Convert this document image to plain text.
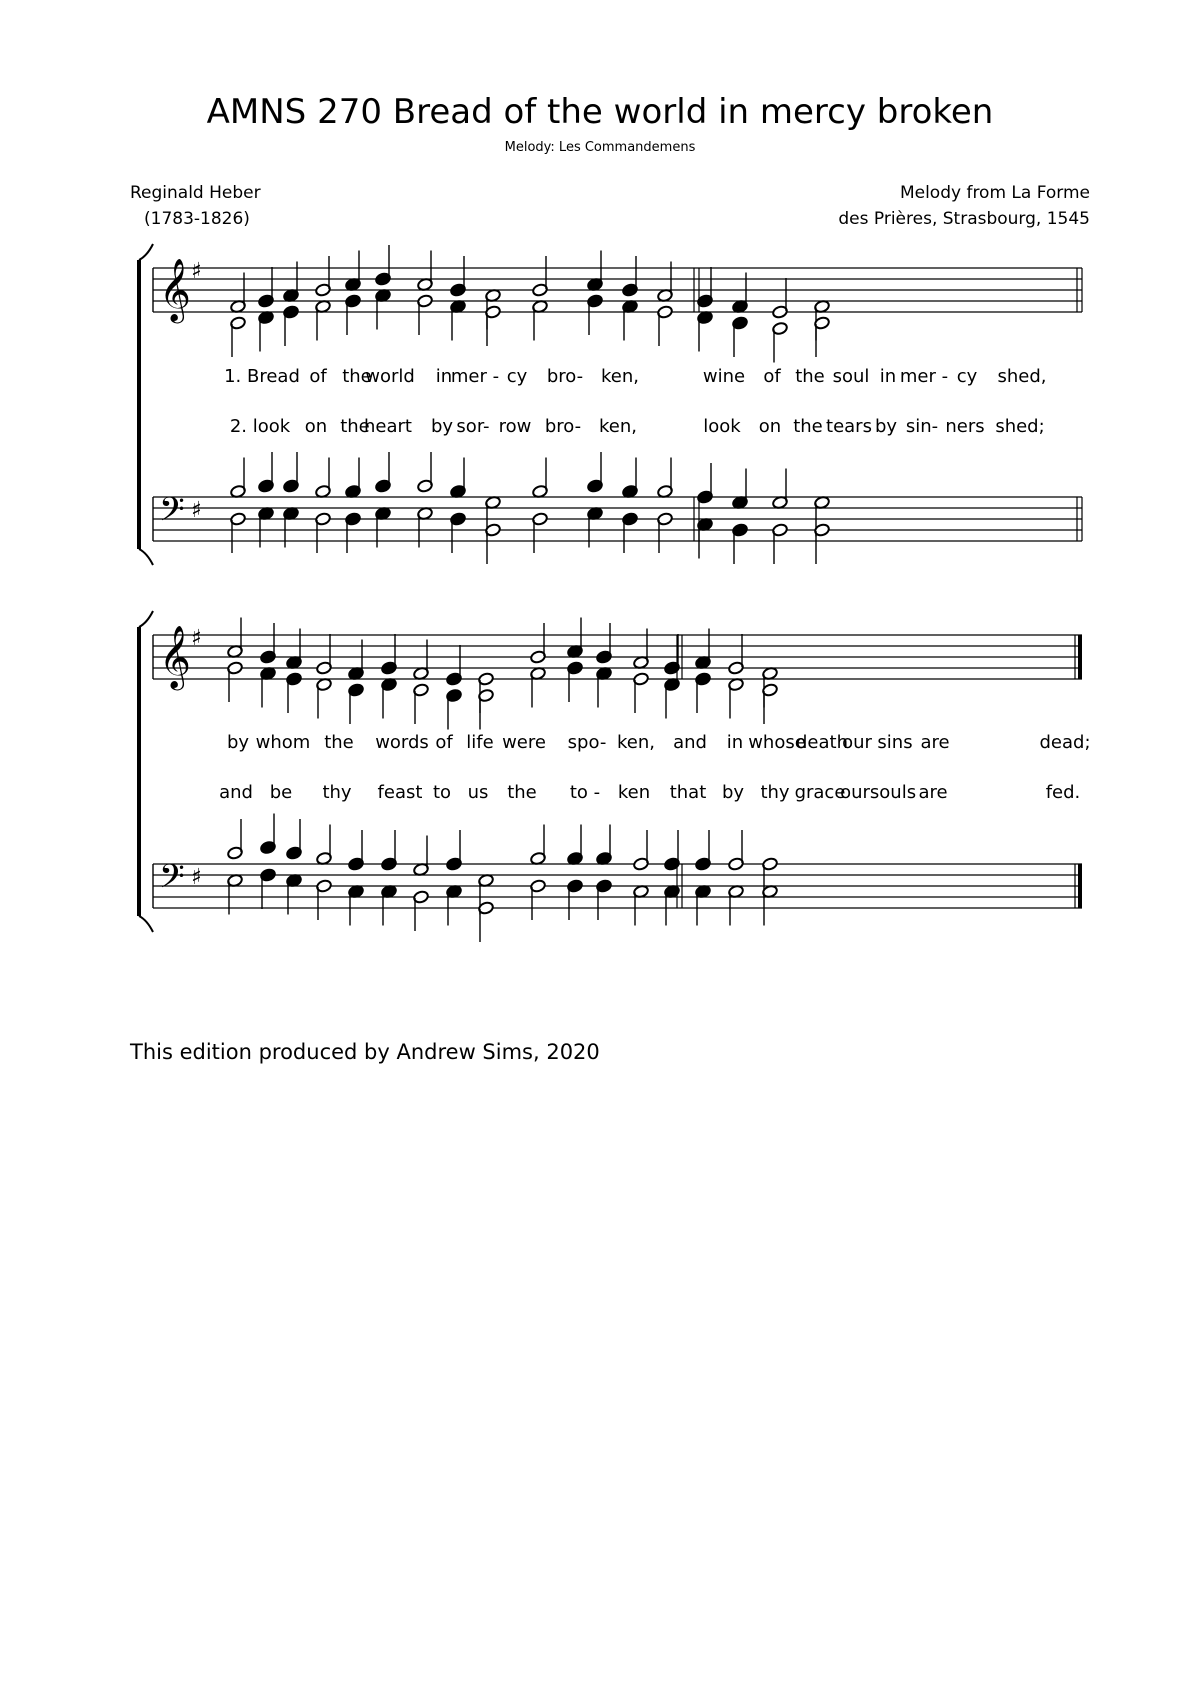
AMNS 270 Bread of the world in mercy broken
Melody: Les Commandemens
Reginald Heber
(1783-1826)
Melody from La Forme
des Prières, Strasbourg, 1545
𝄞 ♯
𝄢 ♯
1. Bread of the
world in
mer - cy bro- ken,	wine of the soul in mer - cy shed,
2. look on the
heart by sor- row bro- ken,	look on the tears by sin- ners shed;
𝄞 ♯
𝄢 ♯
by whom the words of life were spo- ken, and in whose
death
our sins are	dead;
and be thy feast to us the to - ken that by thy grace
our souls are	fed.
This edition produced by Andrew Sims, 2020
